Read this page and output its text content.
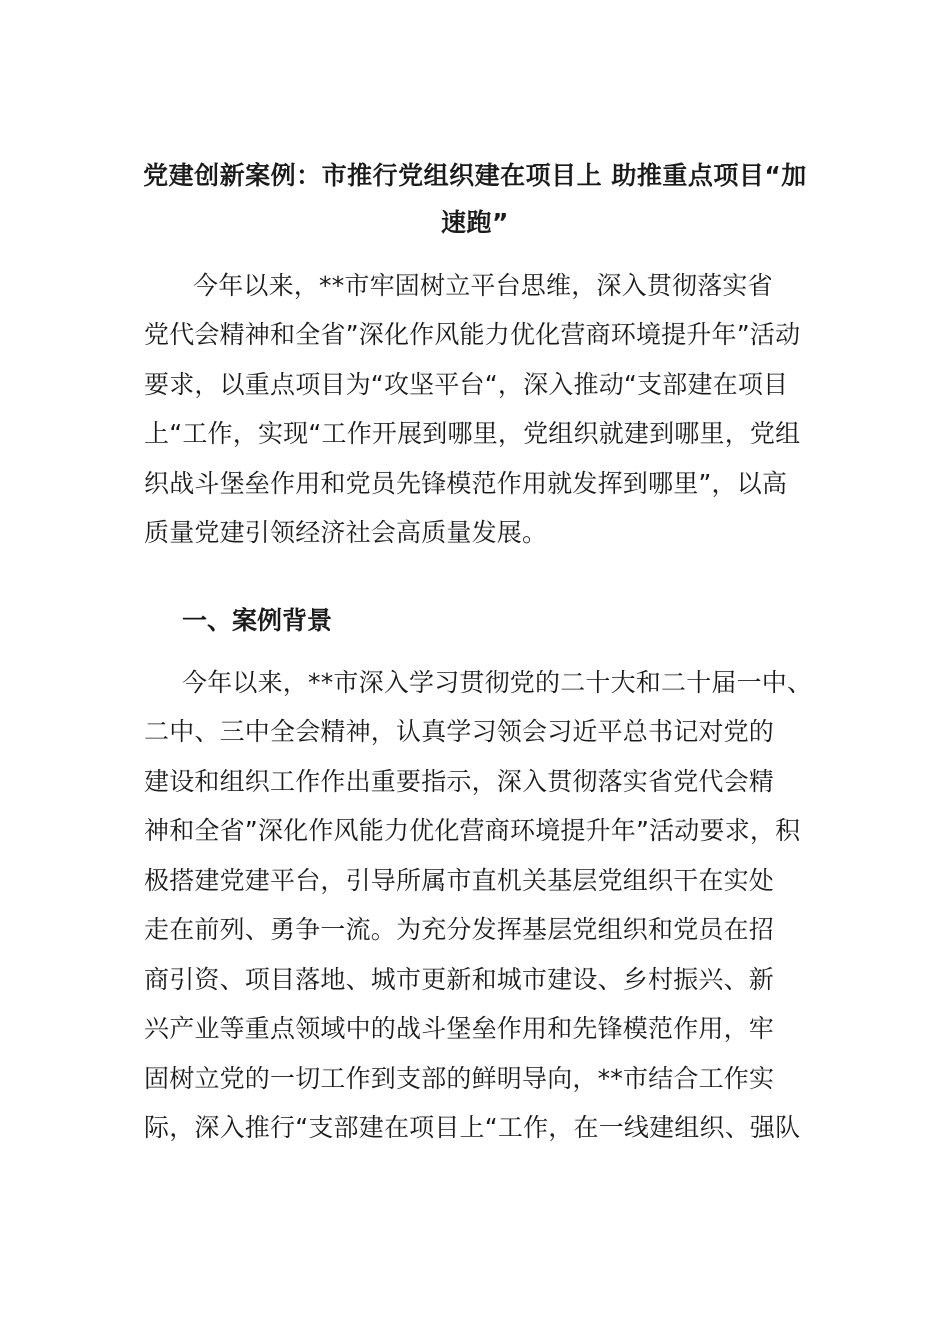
党建创新案例：市推行党组织建在项目上 助推重点项目“加
速跑”
今年以来，**市牢固树立平台思维，深入贯彻落实省
党代会精神和全省”深化作风能力优化营商环境提升年”活动
要求，以重点项目为“攻坚平台“，深入推动“支部建在项目
上“工作，实现“工作开展到哪里，党组织就建到哪里，党组
织战斗堡垒作用和党员先锋模范作用就发挥到哪里”，以高
质量党建引领经济社会高质量发展。
一、案例背景
今年以来，**市深入学习贯彻党的二十大和二十届一中、
二中、三中全会精神，认真学习领会习近平总书记对党的
建设和组织工作作出重要指示，深入贯彻落实省党代会精
神和全省”深化作风能力优化营商环境提升年”活动要求，积
极搭建党建平台，引导所属市直机关基层党组织干在实处
走在前列、勇争一流。为充分发挥基层党组织和党员在招
商引资、项目落地、城市更新和城市建设、乡村振兴、新
兴产业等重点领域中的战斗堡垒作用和先锋模范作用，牢
固树立党的一切工作到支部的鲜明导向，**市结合工作实
际，深入推行“支部建在项目上“工作，在一线建组织、强队
